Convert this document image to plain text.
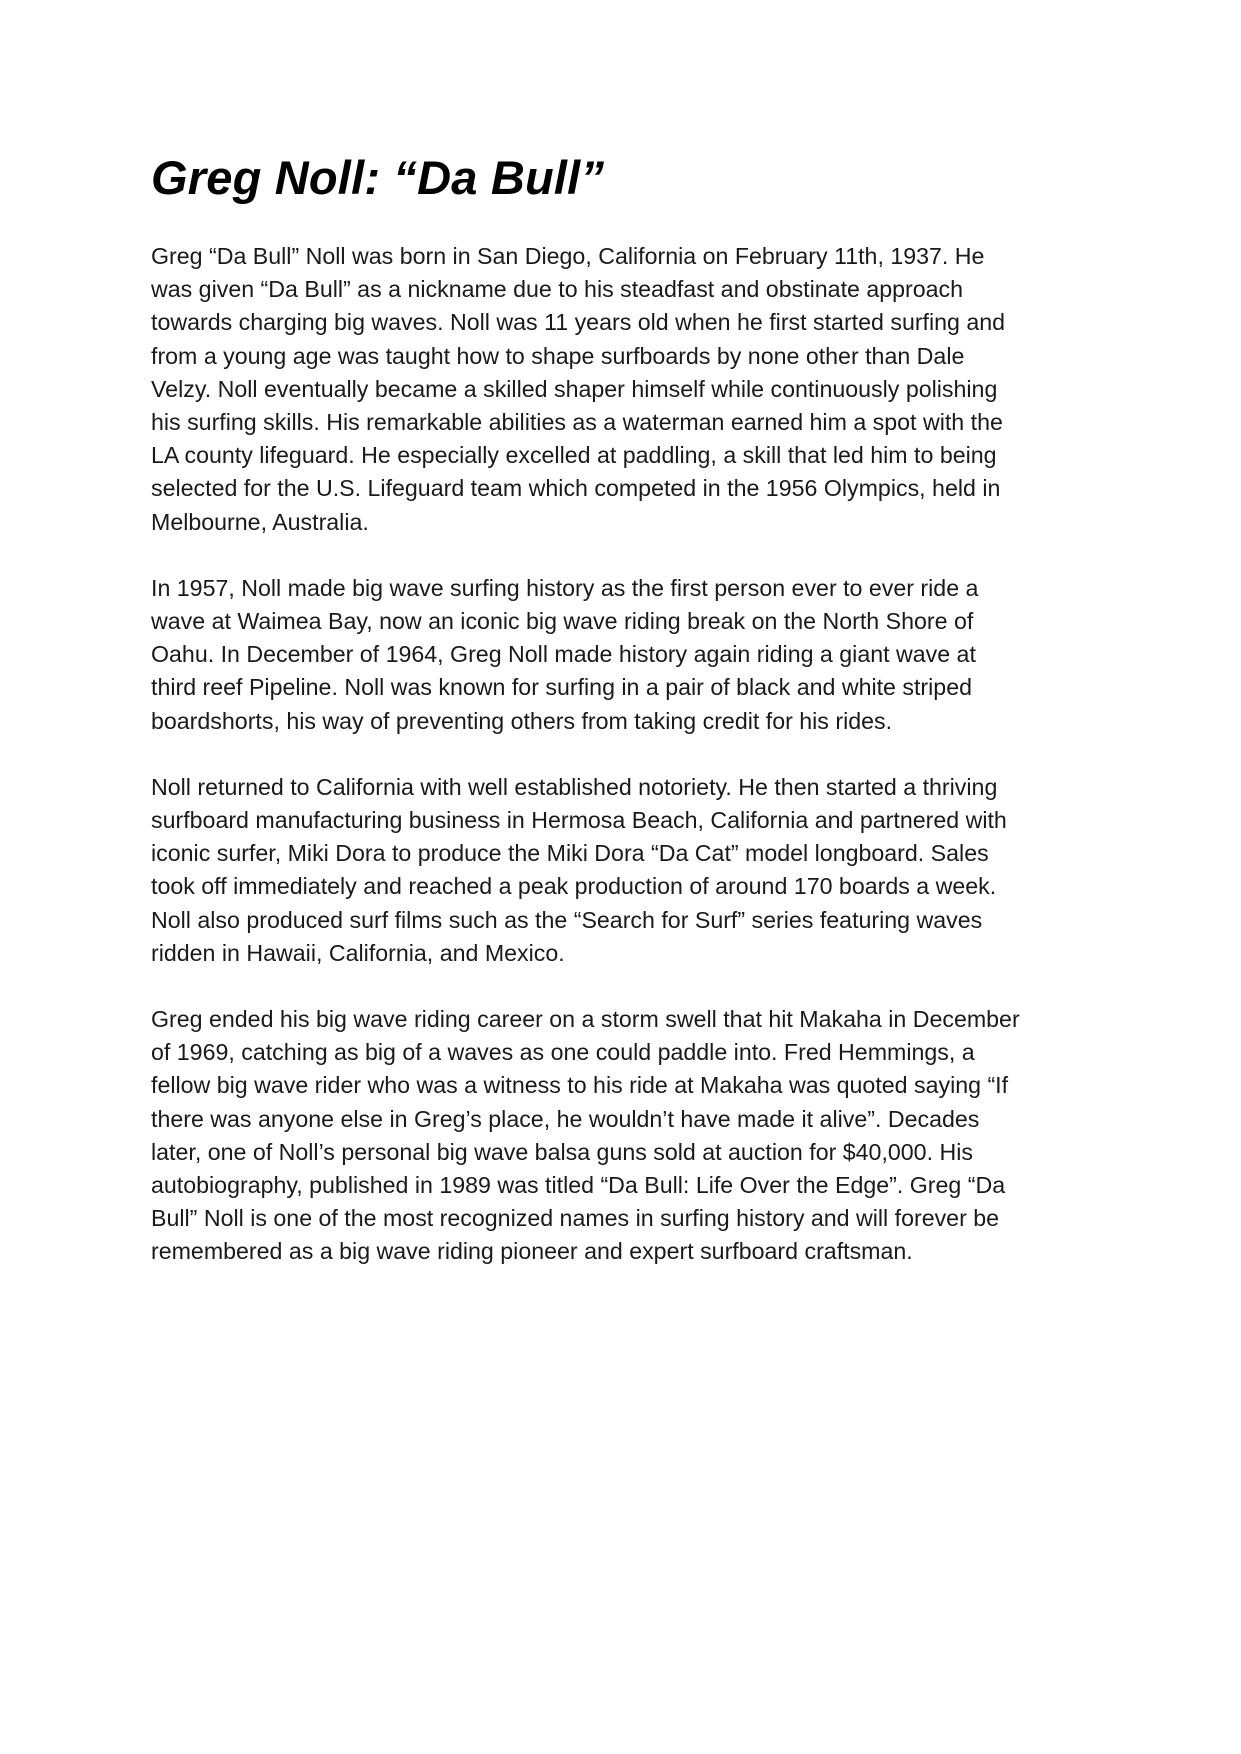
Greg Noll: “Da Bull”

Greg “Da Bull” Noll was born in San Diego, California on February 11th, 1937. He
was given “Da Bull” as a nickname due to his steadfast and obstinate approach
towards charging big waves. Noll was 11 years old when he first started surfing and
from a young age was taught how to shape surfboards by none other than Dale
Velzy. Noll eventually became a skilled shaper himself while continuously polishing
his surfing skills. His remarkable abilities as a waterman earned him a spot with the
LA county lifeguard. He especially excelled at paddling, a skill that led him to being
selected for the U.S. Lifeguard team which competed in the 1956 Olympics, held in
Melbourne, Australia.

In 1957, Noll made big wave surfing history as the first person ever to ever ride a
wave at Waimea Bay, now an iconic big wave riding break on the North Shore of
Oahu. In December of 1964, Greg Noll made history again riding a giant wave at
third reef Pipeline. Noll was known for surfing in a pair of black and white striped
boardshorts, his way of preventing others from taking credit for his rides.

Noll returned to California with well established notoriety. He then started a thriving
surfboard manufacturing business in Hermosa Beach, California and partnered with
iconic surfer, Miki Dora to produce the Miki Dora “Da Cat” model longboard. Sales
took off immediately and reached a peak production of around 170 boards a week.
Noll also produced surf films such as the “Search for Surf” series featuring waves
ridden in Hawaii, California, and Mexico.

Greg ended his big wave riding career on a storm swell that hit Makaha in December
of 1969, catching as big of a waves as one could paddle into. Fred Hemmings, a
fellow big wave rider who was a witness to his ride at Makaha was quoted saying “If
there was anyone else in Greg’s place, he wouldn’t have made it alive”. Decades
later, one of Noll’s personal big wave balsa guns sold at auction for $40,000. His
autobiography, published in 1989 was titled “Da Bull: Life Over the Edge”. Greg “Da
Bull” Noll is one of the most recognized names in surfing history and will forever be
remembered as a big wave riding pioneer and expert surfboard craftsman.
